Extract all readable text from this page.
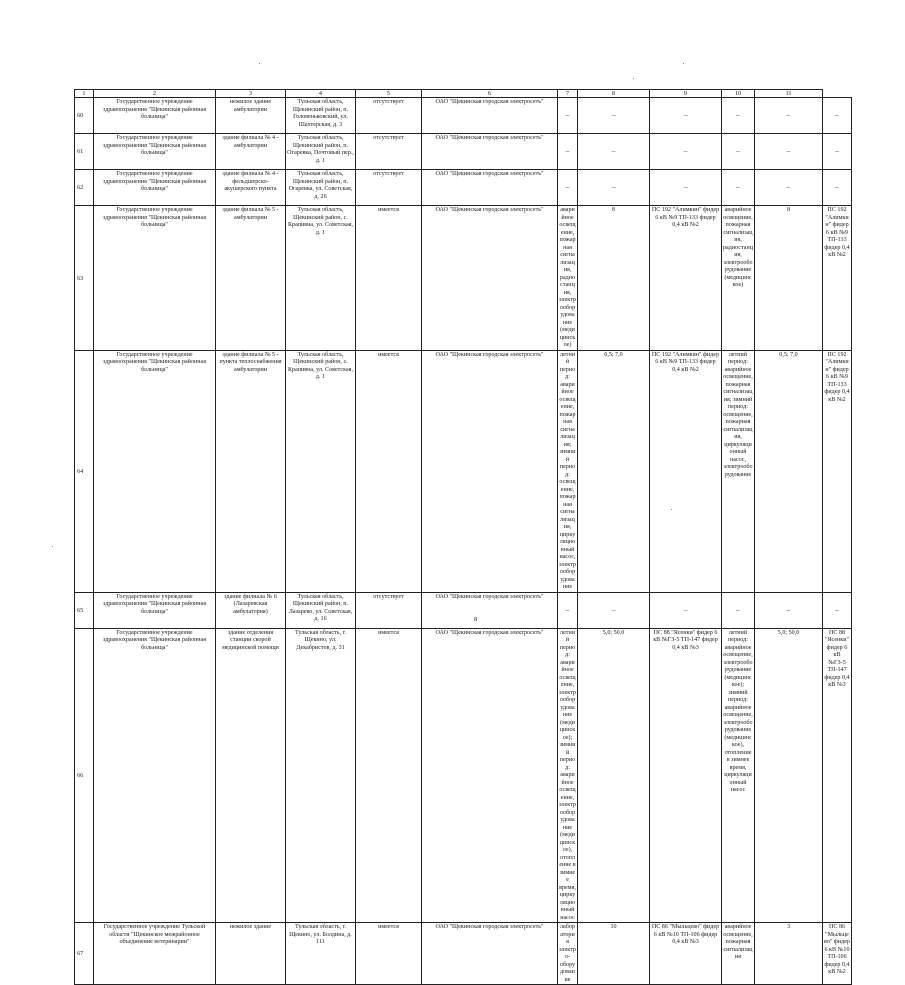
1	2	3	4	5	6	7	8	9	10	11	
60	Государственное учреждение здравоохранения "Щекинская районная больница"	нежилое здание амбулатории	Тульская область, Щекинский район, п. Головеньковский, ул. Шахтерская, д. 3	отсутствует	ОАО "Щекинская городская электросеть"	–	–	–	–	–	–
61	Государственное учреждение здравоохранения "Щекинская районная больница"	здание филиала № 4 - амбулатории	Тульская область, Щекинский район, п. Огаревка, Почтовый пер., д. 1	отсутствует	ОАО "Щекинская городская электросеть"	–	–	–	–	–	–
62	Государственное учреждение здравоохранения "Щекинская районная больница"	здание филиала № 4 - фельдшерско-акушерского пункта	Тульская область, Щекинский район, п. Огаревка, ул. Советская, д. 26	отсутствует	ОАО "Щекинская городская электросеть"	–	–	–	–	–	–
63	Государственное учреждение здравоохранения "Щекинская районная больница"	здание филиала № 5 - амбулатории	Тульская область, Щекинский район, с. Крапивна, ул. Советская, д. 1	имеется	ОАО "Щекинская городская электросеть"	аварийное освещение, пожарная сигнализация, радиостанция, электрооборудование (медицинское)	8	ПС 192 "Алимкин" фидер 6 кВ №9 ТП-133 фидер 0,4 кВ №2	аварийное освещение, пожарная сигнализация, радиостанция, электрооборудование (медицинское)	8	ПС 192 "Алимкин" фидер 6 кВ №9 ТП-133 фидер 0,4 кВ №2
64	Государственное учреждение здравоохранения "Щекинская районная больница"	здание филиала № 5 - пункта теплоснабжения амбулатории	Тульская область, Щекинский район, с. Крапивна, ул. Советская, д. 1	имеется	ОАО "Щекинская городская электросеть"	летний период: аварийное освещение, пожарная сигнализация; зимний период: освещение, пожарная сигнализация, циркуляционный насос, электрооборудование	0,5; 7,0	ПС 192 "Алимкин" фидер 6 кВ №9 ТП-133 фидер 0,4 кВ №2	летний период: аварийное освещение, пожарная сигнализация; зимний период: освещение, пожарная сигнализация, циркуляционный насос, электрооборудование	0,5; 7,0	ПС 192 "Алимкин" фидер 6 кВ №9 ТП-133 фидер 0,4 кВ №2
65	Государственное учреждение здравоохранения "Щекинская районная больница"	здание филиала № 6 (Лазаревская амбулатория)	Тульская область, Щекинский район, п. Лазарево, ул. Советская, д. 16	отсутствует	ОАО "Щекинская городская электросеть"	–	–	–	–	–	–
66	Государственное учреждение здравоохранения "Щекинская районная больница"	здание отделения станции скорой медицинской помощи	Тульская область, г. Щекино, ул. Декабристов, д. 31	имеется	ОАО "Щекинская городская электросеть"	летний период: аварийное освещение, электрооборудование (медицинское); зимний период: аварийное освещение, электрооборудование (медицинское), отопление в зимнее время, циркуляционный насос	5,0; 50,0	ПС 88 "Ясенки" фидер 6 кВ №ГЗ-5 ТП-147 фидер 0,4 кВ №3	летний период: аварийное освещение, электрооборудование (медицинское); зимний период: аварийное освещение, электрооборудование (медицинское), отопление в зимнее время, циркуляционный насос	5,0; 50,0	ПС 88 "Ясенки" фидер 6 кВ №ГЗ-5 ТП-147 фидер 0,4 кВ №3
67	Государственное учреждение Тульской области "Щекинское межрайонное объединение ветеринарии"	нежилое здание	Тульская область, г. Щекино, ул. Болдина, д. 111	имеется	ОАО "Щекинская городская электросеть"	лаборатория электро-оборудование	10	ПС 86 "Мыльцево" фидер 6 кВ №10 ТП-106 фидер 0,4 кВ №3	аварийное освещение, пожарная сигнализация	3	ПС 86 "Мыльцево" фидер 6 кВ №10 ТП-106 фидер 0,4 кВ №2
8
